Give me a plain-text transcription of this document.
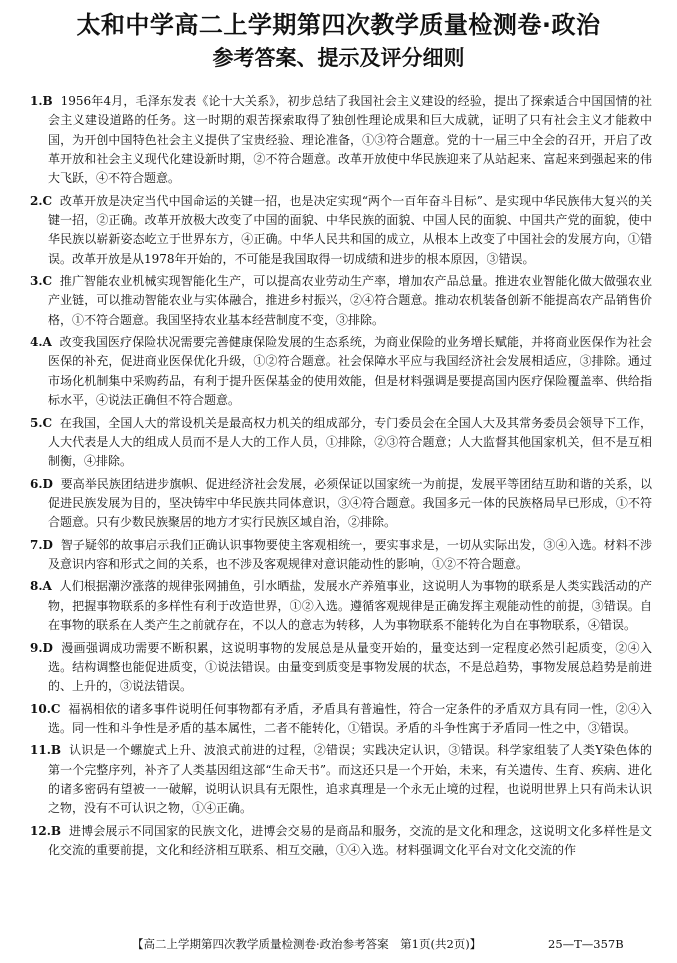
太和中学高二上学期第四次教学质量检测卷·政治
参考答案、提示及评分细则

1.B 1956年4月，毛泽东发表《论十大关系》，初步总结了我国社会主义建设的经验，提出了探索适合中国国情的社会主义建设道路的任务。这一时期的艰苦探索取得了独创性理论成果和巨大成就，证明了只有社会主义才能救中国，为开创中国特色社会主义提供了宝贵经验、理论准备，①③符合题意。党的十一届三中全会的召开，开启了改革开放和社会主义现代化建设新时期，②不符合题意。改革开放使中华民族迎来了从站起来、富起来到强起来的伟大飞跃，④不符合题意。

2.C 改革开放是决定当代中国命运的关键一招，也是决定实现“两个一百年奋斗目标”、是实现中华民族伟大复兴的关键一招，②正确。改革开放极大改变了中国的面貌、中华民族的面貌、中国人民的面貌、中国共产党的面貌，使中华民族以崭新姿态屹立于世界东方，④正确。中华人民共和国的成立，从根本上改变了中国社会的发展方向，①错误。改革开放是从1978年开始的，不可能是我国取得一切成绩和进步的根本原因，③错误。

3.C 推广智能农业机械实现智能化生产，可以提高农业劳动生产率，增加农产品总量。推进农业智能化做大做强农业产业链，可以推动智能农业与实体融合，推进乡村振兴，②④符合题意。推动农机装备创新不能提高农产品销售价格，①不符合题意。我国坚持农业基本经营制度不变，③排除。

4.A 改变我国医疗保险状况需要完善健康保险发展的生态系统，为商业保险的业务增长赋能，并将商业医保作为社会医保的补充，促进商业医保优化升级，①②符合题意。社会保障水平应与我国经济社会发展相适应，③排除。通过市场化机制集中采购药品，有利于提升医保基金的使用效能，但是材料强调是要提高国内医疗保险覆盖率、供给指标水平，④说法正确但不符合题意。

5.C 在我国，全国人大的常设机关是最高权力机关的组成部分，专门委员会在全国人大及其常务委员会领导下工作，人大代表是人大的组成人员而不是人大的工作人员，①排除，②③符合题意；人大监督其他国家机关，但不是互相制衡，④排除。

6.D 要高举民族团结进步旗帜、促进经济社会发展，必须保证以国家统一为前提，发展平等团结互助和谐的关系，以促进民族发展为目的，坚决铸牢中华民族共同体意识，③④符合题意。我国多元一体的民族格局早已形成，①不符合题意。只有少数民族聚居的地方才实行民族区域自治，②排除。

7.D 智子疑邻的故事启示我们正确认识事物要使主客观相统一，要实事求是，一切从实际出发，③④入选。材料不涉及意识内容和形式之间的关系，也不涉及客观规律对意识能动性的影响，①②不符合题意。

8.A 人们根据潮汐涨落的规律张网捕鱼，引水晒盐，发展水产养殖事业，这说明人为事物的联系是人类实践活动的产物，把握事物联系的多样性有利于改造世界，①②入选。遵循客观规律是正确发挥主观能动性的前提，③错误。自在事物的联系在人类产生之前就存在，不以人的意志为转移，人为事物联系不能转化为自在事物联系，④错误。

9.D 漫画强调成功需要不断积累，这说明事物的发展总是从量变开始的，量变达到一定程度必然引起质变，②④入选。结构调整也能促进质变，①说法错误。由量变到质变是事物发展的状态，不是总趋势，事物发展总趋势是前进的、上升的，③说法错误。

10.C 福祸相依的诸多事件说明任何事物都有矛盾，矛盾具有普遍性，符合一定条件的矛盾双方具有同一性，②④入选。同一性和斗争性是矛盾的基本属性，二者不能转化，①错误。矛盾的斗争性寓于矛盾同一性之中，③错误。

11.B 认识是一个螺旋式上升、波浪式前进的过程，②错误；实践决定认识，③错误。科学家组装了人类Y染色体的第一个完整序列，补齐了人类基因组这部“生命天书”。而这还只是一个开始，未来，有关遗传、生育、疾病、进化的诸多密码有望被一一破解，说明认识具有无限性，追求真理是一个永无止境的过程，也说明世界上只有尚未认识之物，没有不可认识之物，①④正确。

12.B 进博会展示不同国家的民族文化，进博会交易的是商品和服务，交流的是文化和理念，这说明文化多样性是文化交流的重要前提，文化和经济相互联系、相互交融，①④入选。材料强调文化平台对文化交流的作

【高二上学期第四次教学质量检测卷·政治参考答案　第1页(共2页)】	25—T—357B
